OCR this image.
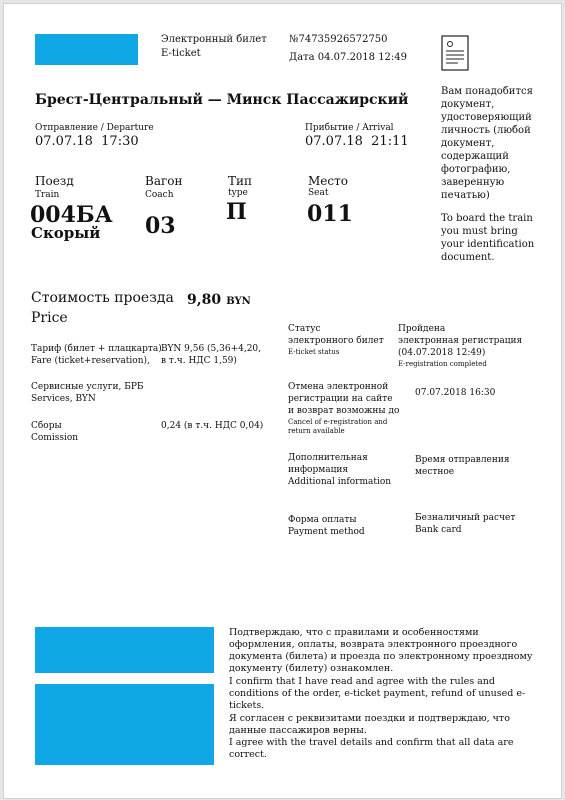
Электронный билет
E-ticket
№74735926572750
Дата 04.07.2018 12:49
Вам понадобится документ, удостоверяющий личность (любой документ, содержащий фотографию, заверенную печатью)
To board the train you must bring your identification document.
Брест-Центральный — Минск Пассажирский
Отправление / Departure
07.07.18  17:30
Прибытие / Arrival
07.07.18  21:11
Поезд
Train
004БА
Скорый
Вагон
Coach
03
Тип
type
П
Место
Seat
011
Стоимость проезда
Price
9,80 BYN
Тариф (билет + плацкарта)
Fare (ticket+reservation),
BYN 9,56 (5,36+4,20,
в т.ч. НДС 1,59)
Сервисные услуги, БРБ
Services, BYN
Сборы
Comission
0,24 (в т.ч. НДС 0,04)
Статус
электронного билет
E-ticket status
Пройдена
электронная регистрация
(04.07.2018 12:49)
E-registration completed
Отмена электронной
регистрации на сайте
и возврат возможны до
Cancel of e-registration and
return available
07.07.2018 16:30
Дополнительная
информация
Additional information
Время отправления
местное
Форма оплаты
Payment method
Безналичный расчет
Bank card
Подтверждаю, что с правилами и особенностями оформления, оплаты, возврата электронного проездного документа (билета) и проезда по электронному проездному документу (билету) ознакомлен.
I confirm that I have read and agree with the rules and conditions of the order, e-ticket payment, refund of unused e-tickets.
Я согласен с реквизитами поездки и подтверждаю, что данные пассажиров верны.
I agree with the travel details and confirm that all data are correct.
